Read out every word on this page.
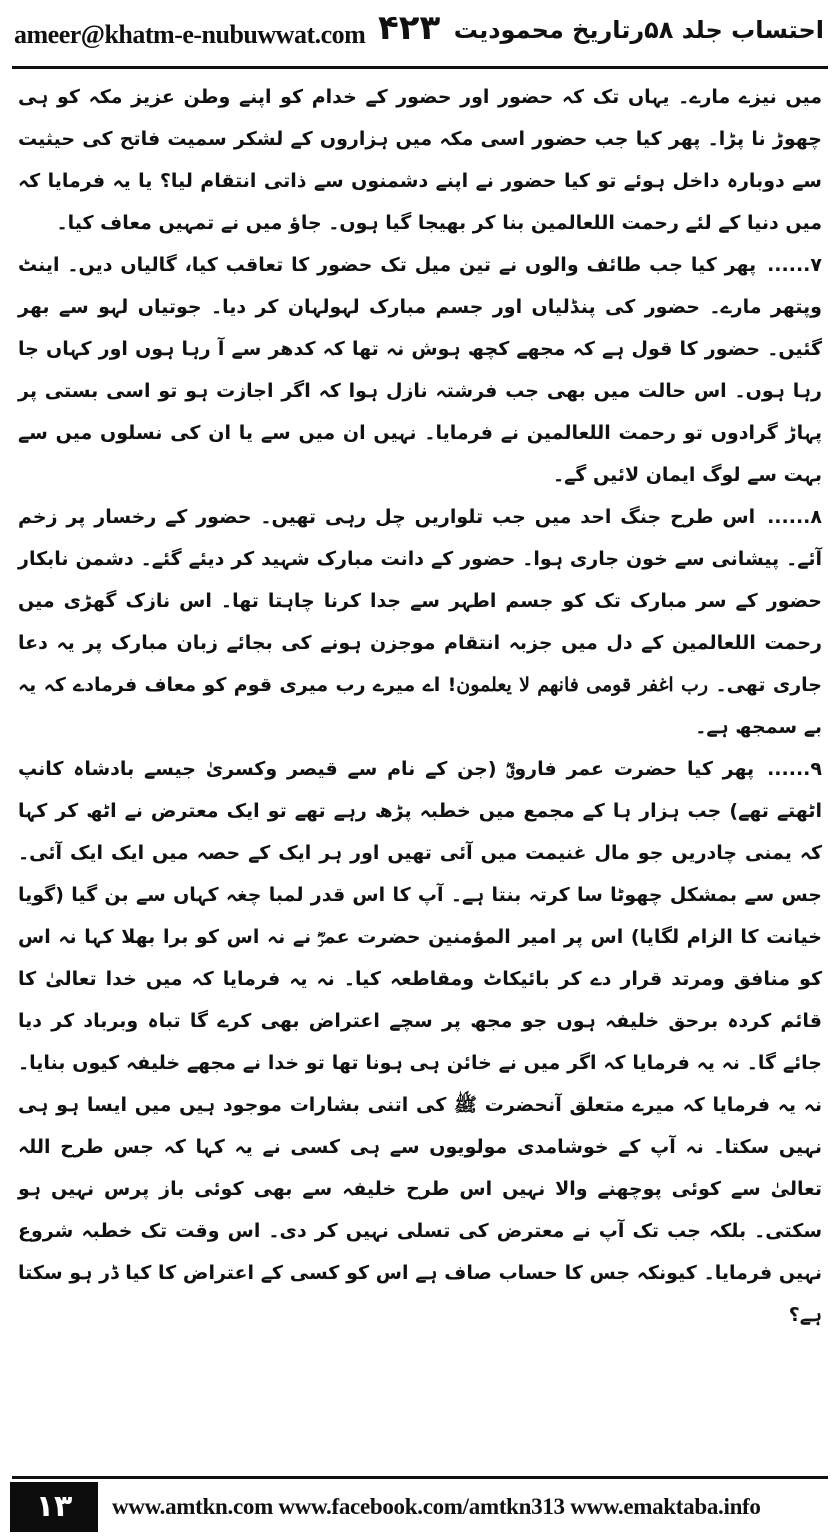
ameer@khatm-e-nubuwwat.com ۴۲۳ احتساب جلد ۵۸رتاریخ محمودیت

میں نیزے مارے۔ یہاں تک کہ حضور اور حضور کے خدام کو اپنے وطن عزیز مکہ کو ہی چھوڑ نا پڑا۔ پھر کیا جب حضور اسی مکہ میں ہزاروں کے لشکر سمیت فاتح کی حیثیت سے دوبارہ داخل ہوئے تو کیا حضور نے اپنے دشمنوں سے ذاتی انتقام لیا؟ یا یہ فرمایا کہ میں دنیا کے لئے رحمت اللعالمین بنا کر بھیجا گیا ہوں۔ جاؤ میں نے تمہیں معاف کیا۔

۷...... پھر کیا جب طائف والوں نے تین میل تک حضور کا تعاقب کیا، گالیاں دیں۔ اینٹ وپتھر مارے۔ حضور کی پنڈلیاں اور جسم مبارک لہولہان کر دیا۔ جوتیاں لہو سے بھر گئیں۔ حضور کا قول ہے کہ مجھے کچھ ہوش نہ تھا کہ کدھر سے آ رہا ہوں اور کہاں جا رہا ہوں۔ اس حالت میں بھی جب فرشتہ نازل ہوا کہ اگر اجازت ہو تو اسی بستی پر پہاڑ گرادوں تو رحمت اللعالمین نے فرمایا۔ نہیں ان میں سے یا ان کی نسلوں میں سے بہت سے لوگ ایمان لائیں گے۔

۸...... اس طرح جنگ احد میں جب تلواریں چل رہی تھیں۔ حضور کے رخسار پر زخم آئے۔ پیشانی سے خون جاری ہوا۔ حضور کے دانت مبارک شہید کر دیئے گئے۔ دشمن نابکار حضور کے سر مبارک تک کو جسم اطہر سے جدا کرنا چاہتا تھا۔ اس نازک گھڑی میں رحمت اللعالمین کے دل میں جزبہ انتقام موجزن ہونے کی بجائے زبان مبارک پر یہ دعا جاری تھی۔ رب اغفر قومی فانهم لا يعلمون! اے میرے رب میری قوم کو معاف فرمادے کہ یہ بے سمجھ ہے۔

۹...... پھر کیا حضرت عمر فاروقؓ (جن کے نام سے قیصر وکسریٰ جیسے بادشاہ کانپ اٹھتے تھے) جب ہزار ہا کے مجمع میں خطبہ پڑھ رہے تھے تو ایک معترض نے اٹھ کر کہا کہ یمنی چادریں جو مال غنیمت میں آئی تھیں اور ہر ایک کے حصہ میں ایک ایک آئی۔ جس سے بمشکل چھوٹا سا کرتہ بنتا ہے۔ آپ کا اس قدر لمبا چغہ کہاں سے بن گیا (گویا خیانت کا الزام لگایا) اس پر امیر المؤمنین حضرت عمرؓ نے نہ اس کو برا بھلا کہا نہ اس کو منافق ومرتد قرار دے کر بائیکاٹ ومقاطعہ کیا۔ نہ یہ فرمایا کہ میں خدا تعالیٰ کا قائم کردہ برحق خلیفہ ہوں جو مجھ پر سچے اعتراض بھی کرے گا تباہ وبرباد کر دیا جائے گا۔ نہ یہ فرمایا کہ اگر میں نے خائن ہی ہونا تھا تو خدا نے مجھے خلیفہ کیوں بنایا۔ نہ یہ فرمایا کہ میرے متعلق آنحضرت ﷺ کی اتنی بشارات موجود ہیں میں ایسا ہو ہی نہیں سکتا۔ نہ آپ کے خوشامدی مولویوں سے ہی کسی نے یہ کہا کہ جس طرح اللہ تعالیٰ سے کوئی پوچھنے والا نہیں اس طرح خلیفہ سے بھی کوئی باز پرس نہیں ہو سکتی۔ بلکہ جب تک آپ نے معترض کی تسلی نہیں کر دی۔ اس وقت تک خطبہ شروع نہیں فرمایا۔ کیونکہ جس کا حساب صاف ہے اس کو کسی کے اعتراض کا کیا ڈر ہو سکتا ہے؟

۱۳	www.amtkn.com www.facebook.com/amtkn313 www.emaktaba.info
